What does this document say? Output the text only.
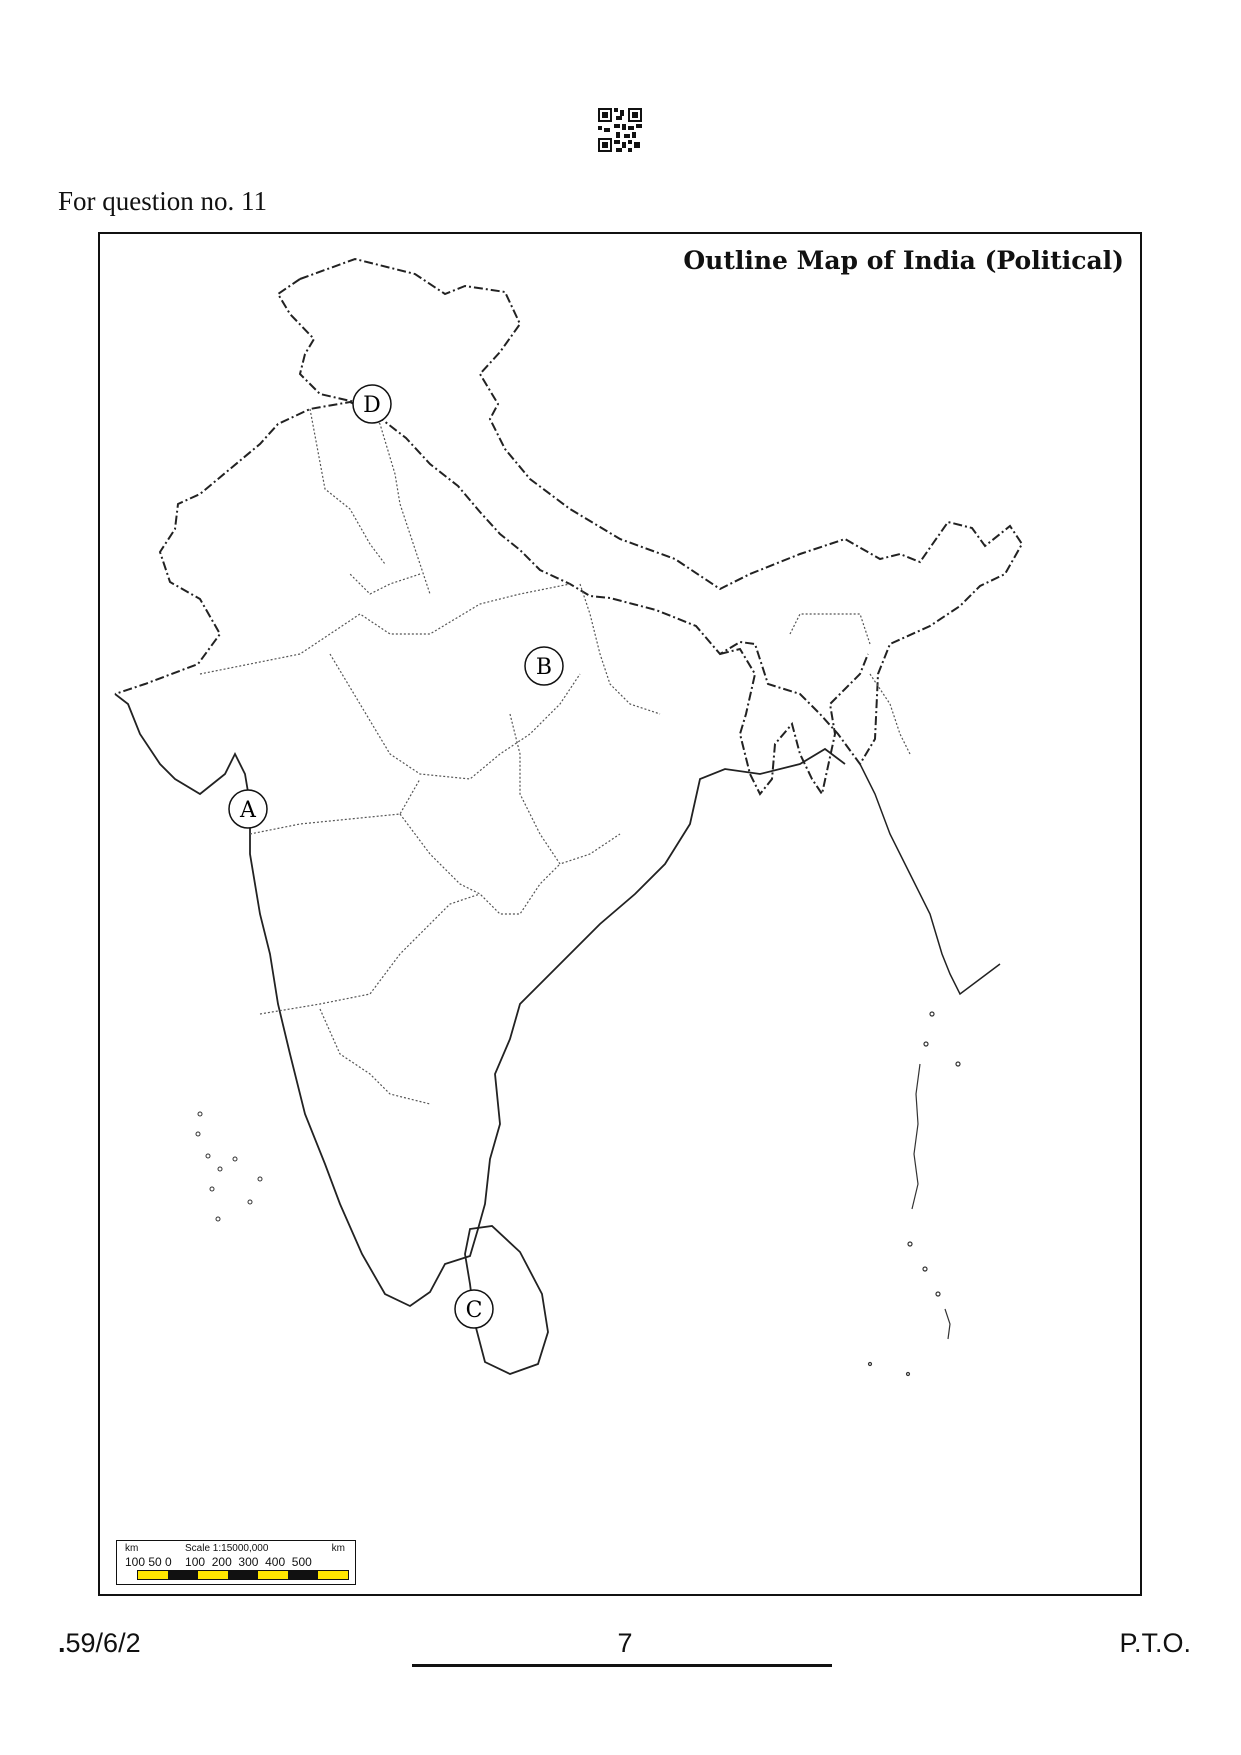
For question no. 11
Outline Map of India (Political)
A
B
C
D
km	Scale 1:15000,000	km
100 50 0    100  200  300  400  500
.59/6/2	7	P.T.O.
